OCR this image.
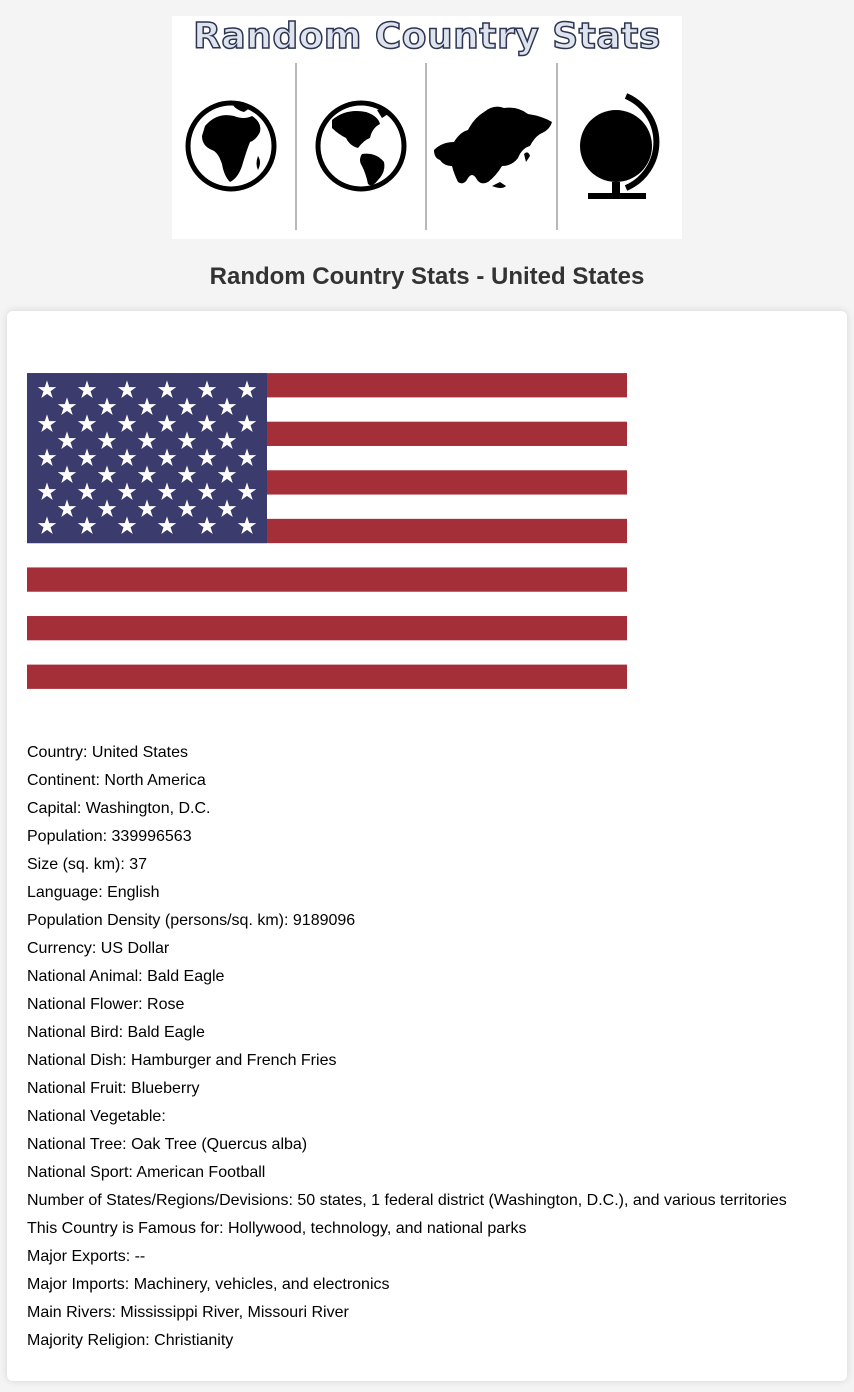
Random Country Stats
Random Country Stats - United States
Country: United States
Continent: North America
Capital: Washington, D.C.
Population: 339996563
Size (sq. km): 37
Language: English
Population Density (persons/sq. km): 9189096
Currency: US Dollar
National Animal: Bald Eagle
National Flower: Rose
National Bird: Bald Eagle
National Dish: Hamburger and French Fries
National Fruit: Blueberry
National Vegetable:
National Tree: Oak Tree (Quercus alba)
National Sport: American Football
Number of States/Regions/Devisions: 50 states, 1 federal district (Washington, D.C.), and various territories
This Country is Famous for: Hollywood, technology, and national parks
Major Exports: --
Major Imports: Machinery, vehicles, and electronics
Main Rivers: Mississippi River, Missouri River
Majority Religion: Christianity
